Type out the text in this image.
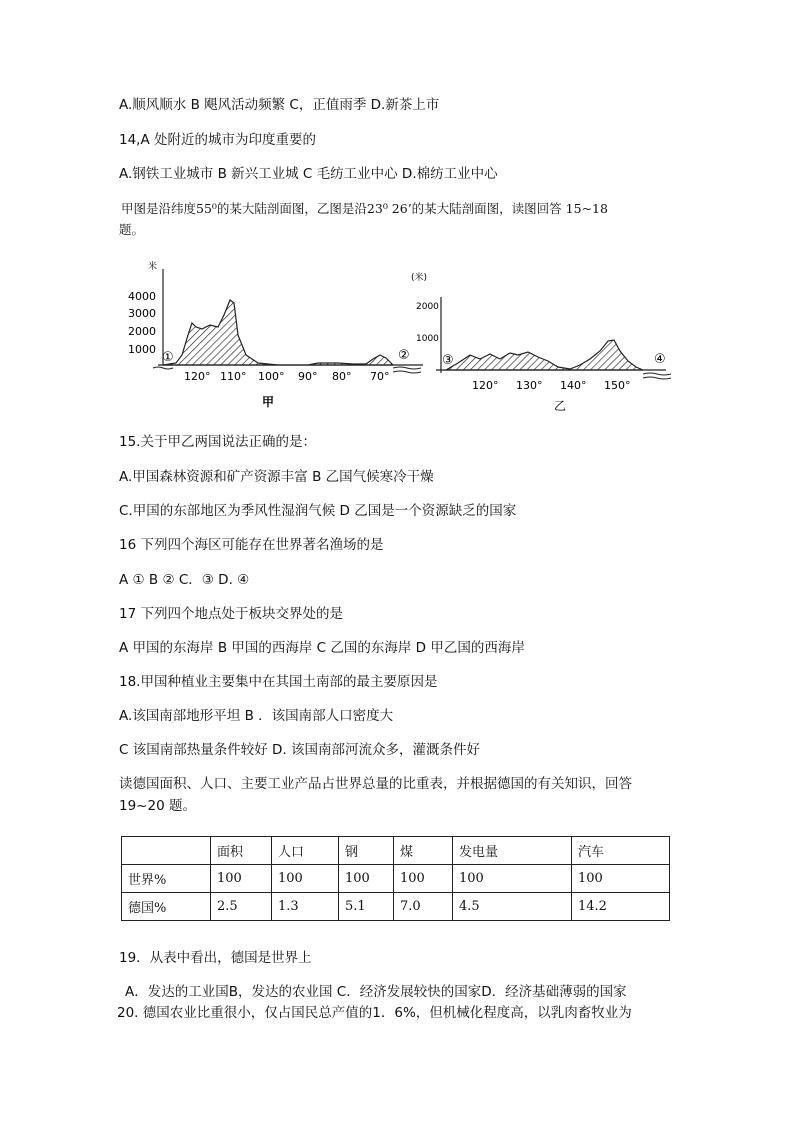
A.顺风顺水 B 飓风活动频繁 C，正值雨季 D.新茶上市
14,A 处附近的城市为印度重要的
A.钢铁工业城市 B 新兴工业城 C 毛纺工业中心 D.棉纺工业中心
甲图是沿纬度55⁰的某大陆剖面图，乙图是沿23⁰ 26’的某大陆剖面图，读图回答 15~18
题。
米
4000
3000
2000
1000
①	②
120° 110° 100° 90° 80° 70°
甲
(米)
2000
1000
③	④
120° 130° 140° 150°
乙
15.关于甲乙两国说法正确的是：
A.甲国森林资源和矿产资源丰富 B 乙国气候寒冷干燥
C.甲国的东部地区为季风性湿润气候 D 乙国是一个资源缺乏的国家
16 下列四个海区可能存在世界著名渔场的是
A ① B ② C．③ D. ④
17 下列四个地点处于板块交界处的是
A 甲国的东海岸 B 甲国的西海岸 C 乙国的东海岸 D 甲乙国的西海岸
18.甲国种植业主要集中在其国土南部的最主要原因是
A.该国南部地形平坦 B ．该国南部人口密度大
C 该国南部热量条件较好 D. 该国南部河流众多，灌溉条件好
读德国面积、人口、主要工业产品占世界总量的比重表，并根据德国的有关知识，回答
19~20 题。
	面积	人口	钢	煤	发电量	汽车
世界%	100	100	100	100	100	100
德国%	2.5	1.3	5.1	7.0	4.5	14.2
19．从表中看出，德国是世界上
A．发达的工业国B，发达的农业国 C．经济发展较快的国家D．经济基础薄弱的国家
20. 德国农业比重很小，仅占国民总产值的1．6%，但机械化程度高，以乳肉畜牧业为
